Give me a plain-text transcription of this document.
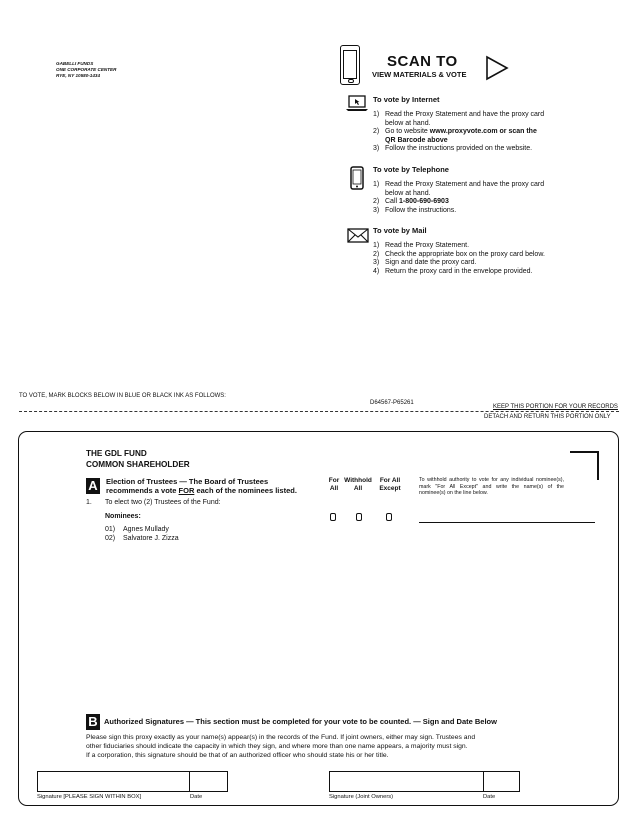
GABELLI FUNDS
ONE CORPORATE CENTER
RYE, NY 10580-1434
SCAN TO
VIEW MATERIALS & VOTE
To vote by Internet
1) Read the Proxy Statement and have the proxy card
below at hand.
2) Go to website www.proxyvote.com or scan the
QR Barcode above
3) Follow the instructions provided on the website.
To vote by Telephone
1) Read the Proxy Statement and have the proxy card
below at hand.
2) Call 1-800-690-6903
3) Follow the instructions.
To vote by Mail
1) Read the Proxy Statement.
2) Check the appropriate box on the proxy card below.
3) Sign and date the proxy card.
4) Return the proxy card in the envelope provided.
TO VOTE, MARK BLOCKS BELOW IN BLUE OR BLACK INK AS FOLLOWS:
D64567-P65261
KEEP THIS PORTION FOR YOUR RECORDS
DETACH AND RETURN THIS PORTION ONLY
THE GDL FUND
COMMON SHAREHOLDER
A	Election of Trustees — The Board of Trustees
recommends a vote FOR each of the nominees listed.
For
All
Withhold
All
For All
Except
To withhold authority to vote for any individual nominee(s), mark "For All Except" and write the name(s) of the nominee(s) on the line below.
1. To elect two (2) Trustees of the Fund:
Nominees:
01) Agnes Mullady
02) Salvatore J. Zizza
B Authorized Signatures — This section must be completed for your vote to be counted. — Sign and Date Below
Please sign this proxy exactly as your name(s) appear(s) in the records of the Fund. If joint owners, either may sign. Trustees and
other fiduciaries should indicate the capacity in which they sign, and where more than one name appears, a majority must sign.
If a corporation, this signature should be that of an authorized officer who should state his or her title.
Signature [PLEASE SIGN WITHIN BOX]	Date	Signature (Joint Owners)	Date
